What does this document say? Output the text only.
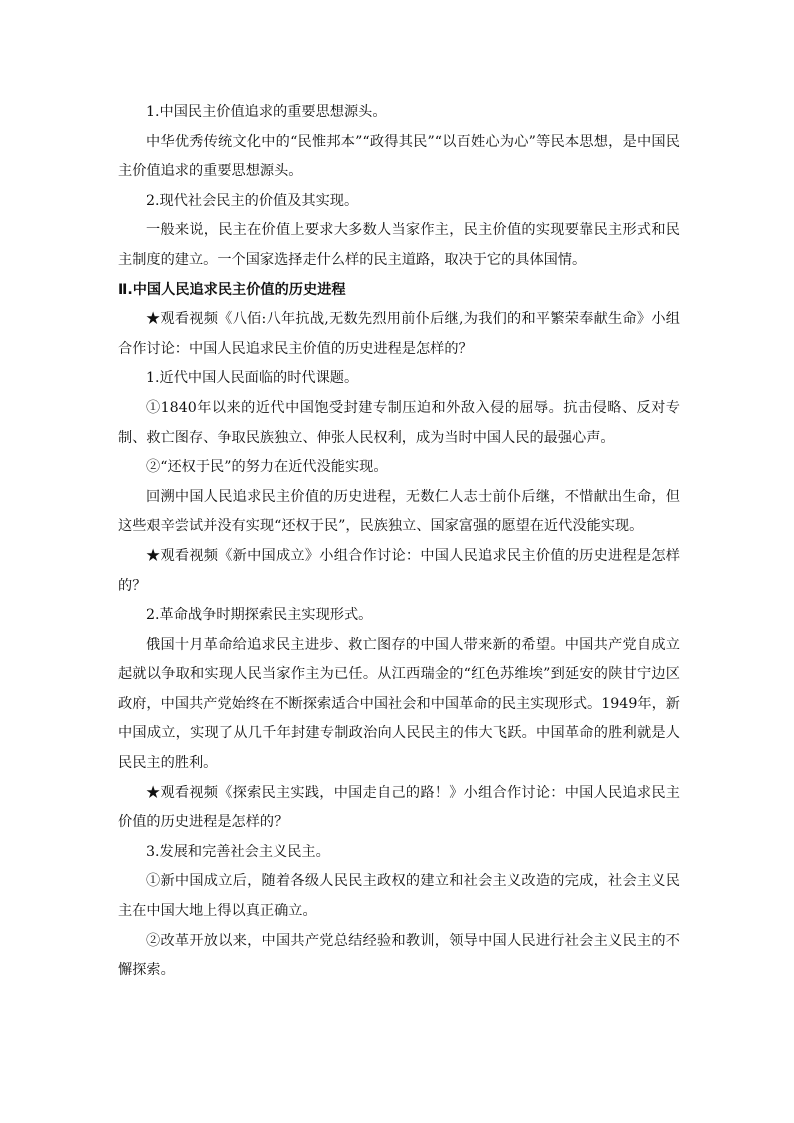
1.中国民主价值追求的重要思想源头。

中华优秀传统文化中的“民惟邦本”“政得其民”“以百姓心为心”等民本思想，是中国民主价值追求的重要思想源头。

2.现代社会民主的价值及其实现。

一般来说，民主在价值上要求大多数人当家作主，民主价值的实现要靠民主形式和民主制度的建立。一个国家选择走什么样的民主道路，取决于它的具体国情。

Ⅱ.中国人民追求民主价值的历史进程

★观看视频《八佰:八年抗战,无数先烈用前仆后继,为我们的和平繁荣奉献生命》小组合作讨论：中国人民追求民主价值的历史进程是怎样的？

1.近代中国人民面临的时代课题。

①1840年以来的近代中国饱受封建专制压迫和外敌入侵的屈辱。抗击侵略、反对专制、救亡图存、争取民族独立、伸张人民权利，成为当时中国人民的最强心声。

②“还权于民”的努力在近代没能实现。

回溯中国人民追求民主价值的历史进程，无数仁人志士前仆后继，不惜献出生命，但这些艰辛尝试并没有实现“还权于民”，民族独立、国家富强的愿望在近代没能实现。

★观看视频《新中国成立》小组合作讨论：中国人民追求民主价值的历史进程是怎样的？

2.革命战争时期探索民主实现形式。

俄国十月革命给追求民主进步、救亡图存的中国人带来新的希望。中国共产党自成立起就以争取和实现人民当家作主为已任。从江西瑞金的“红色苏维埃”到延安的陕甘宁边区政府，中国共产党始终在不断探索适合中国社会和中国革命的民主实现形式。1949年，新中国成立，实现了从几千年封建专制政治向人民民主的伟大飞跃。中国革命的胜利就是人民民主的胜利。

★观看视频《探索民主实践，中国走自己的路！》小组合作讨论：中国人民追求民主价值的历史进程是怎样的？

3.发展和完善社会主义民主。

①新中国成立后，随着各级人民民主政权的建立和社会主义改造的完成，社会主义民主在中国大地上得以真正确立。

②改革开放以来，中国共产党总结经验和教训，领导中国人民进行社会主义民主的不懈探索。
